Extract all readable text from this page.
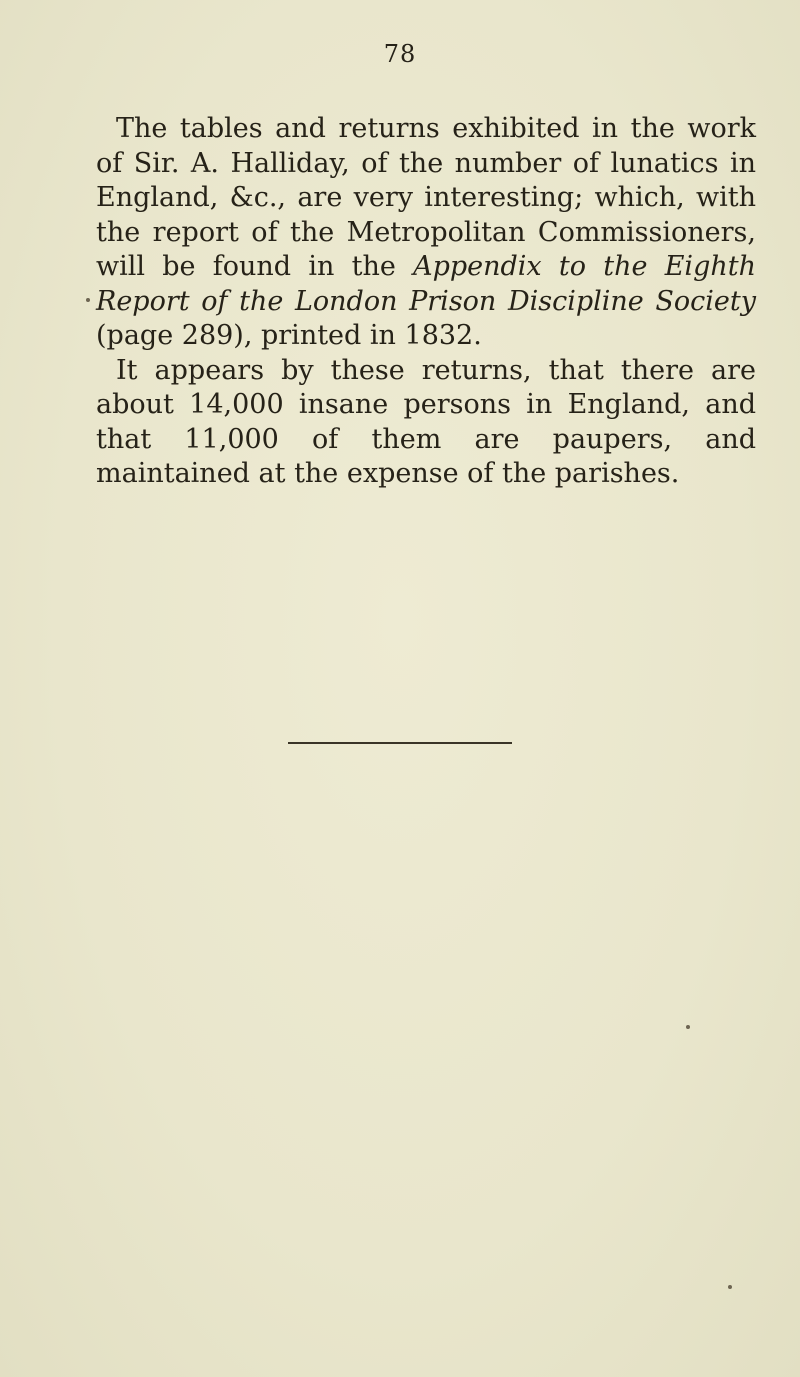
78

The tables and returns exhibited in the work of Sir. A. Halliday, of the number of lunatics in England, &c., are very interesting; which, with the report of the Metropolitan Commissioners, will be found in the Appendix to the Eighth Report of the London Prison Discipline Society (page 289), printed in 1832.

It appears by these returns, that there are about 14,000 insane persons in England, and that 11,000 of them are paupers, and maintained at the expense of the parishes.
